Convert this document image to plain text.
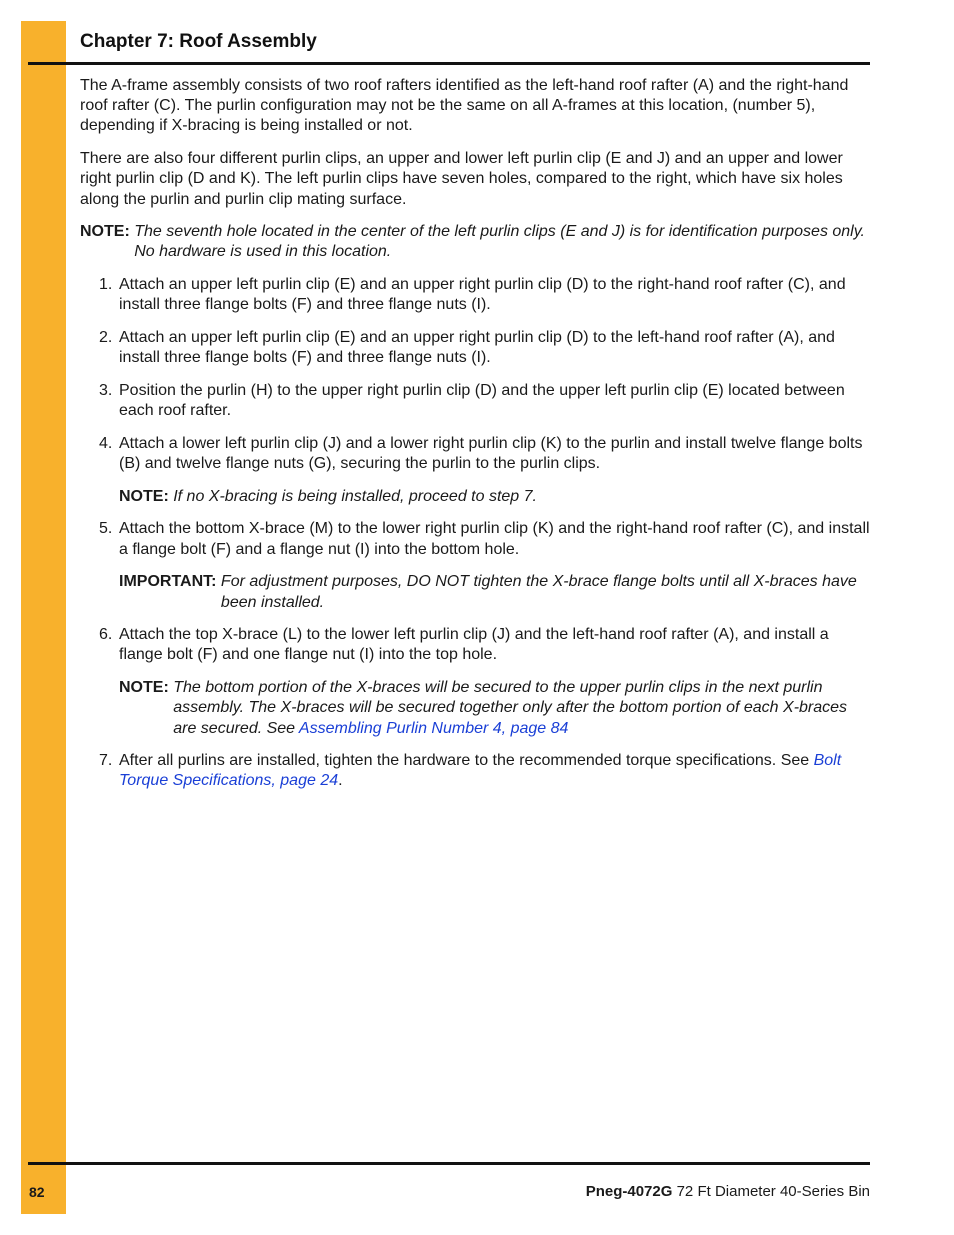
Chapter 7: Roof Assembly

The A-frame assembly consists of two roof rafters identified as the left-hand roof rafter (A) and the right-hand roof rafter (C). The purlin configuration may not be the same on all A-frames at this location, (number 5), depending if X-bracing is being installed or not.

There are also four different purlin clips, an upper and lower left purlin clip (E and J) and an upper and lower right purlin clip (D and K). The left purlin clips have seven holes, compared to the right, which have six holes along the purlin and purlin clip mating surface.

NOTE: The seventh hole located in the center of the left purlin clips (E and J) is for identification purposes only. No hardware is used in this location.
1. Attach an upper left purlin clip (E) and an upper right purlin clip (D) to the right-hand roof rafter (C), and install three flange bolts (F) and three flange nuts (I).
2. Attach an upper left purlin clip (E) and an upper right purlin clip (D) to the left-hand roof rafter (A), and install three flange bolts (F) and three flange nuts (I).
3. Position the purlin (H) to the upper right purlin clip (D) and the upper left purlin clip (E) located between each roof rafter.
4. Attach a lower left purlin clip (J) and a lower right purlin clip (K) to the purlin and install twelve flange bolts (B) and twelve flange nuts (G), securing the purlin to the purlin clips.
NOTE: If no X-bracing is being installed, proceed to step 7.
5. Attach the bottom X-brace (M) to the lower right purlin clip (K) and the right-hand roof rafter (C), and install a flange bolt (F) and a flange nut (I) into the bottom hole.
IMPORTANT: For adjustment purposes, DO NOT tighten the X-brace flange bolts until all X-braces have been installed.
6. Attach the top X-brace (L) to the lower left purlin clip (J) and the left-hand roof rafter (A), and install a flange bolt (F) and one flange nut (I) into the top hole.
NOTE: The bottom portion of the X-braces will be secured to the upper purlin clips in the next purlin assembly. The X-braces will be secured together only after the bottom portion of each X-braces are secured. See Assembling Purlin Number 4, page 84
7. After all purlins are installed, tighten the hardware to the recommended torque specifications. See Bolt Torque Specifications, page 24.
82	Pneg-4072G 72 Ft Diameter 40-Series Bin
